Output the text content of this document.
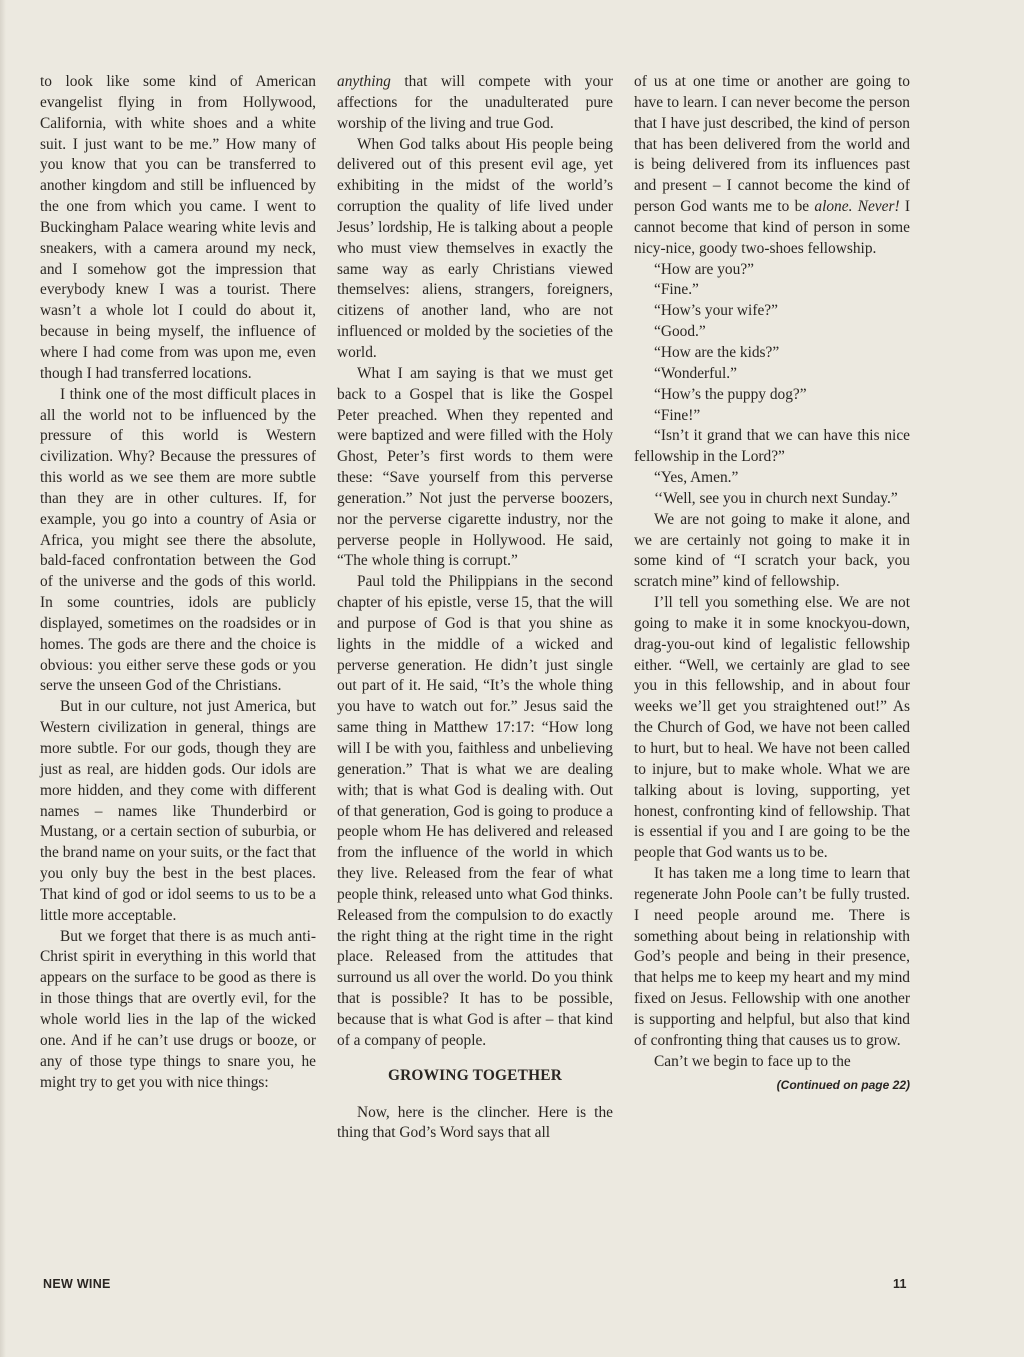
to look like some kind of American evangelist flying in from Hollywood, California, with white shoes and a white suit. I just want to be me.” How many of you know that you can be transferred to another kingdom and still be influenced by the one from which you came. I went to Buckingham Palace wearing white levis and sneakers, with a camera around my neck, and I somehow got the impression that everybody knew I was a tourist. There wasn’t a whole lot I could do about it, because in being myself, the influence of where I had come from was upon me, even though I had transferred locations.

I think one of the most difficult places in all the world not to be influenced by the pressure of this world is Western civilization. Why? Because the pressures of this world as we see them are more subtle than they are in other cultures. If, for example, you go into a country of Asia or Africa, you might see there the absolute, bald-faced confrontation between the God of the universe and the gods of this world. In some countries, idols are publicly displayed, sometimes on the roadsides or in homes. The gods are there and the choice is obvious: you either serve these gods or you serve the unseen God of the Christians.

But in our culture, not just America, but Western civilization in general, things are more subtle. For our gods, though they are just as real, are hidden gods. Our idols are more hidden, and they come with different names – names like Thunderbird or Mustang, or a certain section of suburbia, or the brand name on your suits, or the fact that you only buy the best in the best places. That kind of god or idol seems to us to be a little more acceptable.

But we forget that there is as much anti-Christ spirit in everything in this world that appears on the surface to be good as there is in those things that are overtly evil, for the whole world lies in the lap of the wicked one. And if he can’t use drugs or booze, or any of those type things to snare you, he might try to get you with nice things:

anything that will compete with your affections for the unadulterated pure worship of the living and true God.

When God talks about His people being delivered out of this present evil age, yet exhibiting in the midst of the world’s corruption the quality of life lived under Jesus’ lordship, He is talking about a people who must view themselves in exactly the same way as early Christians viewed themselves: aliens, strangers, foreigners, citizens of another land, who are not influenced or molded by the societies of the world.

What I am saying is that we must get back to a Gospel that is like the Gospel Peter preached. When they repented and were baptized and were filled with the Holy Ghost, Peter’s first words to them were these: “Save yourself from this perverse generation.” Not just the perverse boozers, nor the perverse cigarette industry, nor the perverse people in Hollywood. He said, “The whole thing is corrupt.”

Paul told the Philippians in the second chapter of his epistle, verse 15, that the will and purpose of God is that you shine as lights in the middle of a wicked and perverse generation. He didn’t just single out part of it. He said, “It’s the whole thing you have to watch out for.” Jesus said the same thing in Matthew 17:17: “How long will I be with you, faithless and unbelieving generation.” That is what we are dealing with; that is what God is dealing with. Out of that generation, God is going to produce a people whom He has delivered and released from the influence of the world in which they live. Released from the fear of what people think, released unto what God thinks. Released from the compulsion to do exactly the right thing at the right time in the right place. Released from the attitudes that surround us all over the world. Do you think that is possible? It has to be possible, because that is what God is after – that kind of a company of people.

GROWING TOGETHER

Now, here is the clincher. Here is the thing that God’s Word says that all

of us at one time or another are going to have to learn. I can never become the person that I have just described, the kind of person that has been delivered from the world and is being delivered from its influences past and present – I cannot become the kind of person God wants me to be alone. Never! I cannot become that kind of person in some nicy-nice, goody two-shoes fellowship.

“How are you?”

“Fine.”

“How’s your wife?”

“Good.”

“How are the kids?”

“Wonderful.”

“How’s the puppy dog?”

“Fine!”

“Isn’t it grand that we can have this nice fellowship in the Lord?”

“Yes, Amen.”

‘‘Well, see you in church next Sunday.”

We are not going to make it alone, and we are certainly not going to make it in some kind of “I scratch your back, you scratch mine” kind of fellowship.

I’ll tell you something else. We are not going to make it in some knockyou-down, drag-you-out kind of legalistic fellowship either. “Well, we certainly are glad to see you in this fellowship, and in about four weeks we’ll get you straightened out!” As the Church of God, we have not been called to hurt, but to heal. We have not been called to injure, but to make whole. What we are talking about is loving, supporting, yet honest, confronting kind of fellowship. That is essential if you and I are going to be the people that God wants us to be.

It has taken me a long time to learn that regenerate John Poole can’t be fully trusted. I need people around me. There is something about being in relationship with God’s people and being in their presence, that helps me to keep my heart and my mind fixed on Jesus. Fellowship with one another is supporting and helpful, but also that kind of confronting thing that causes us to grow.

Can’t we begin to face up to the

(Continued on page 22)

NEW WINE	11
